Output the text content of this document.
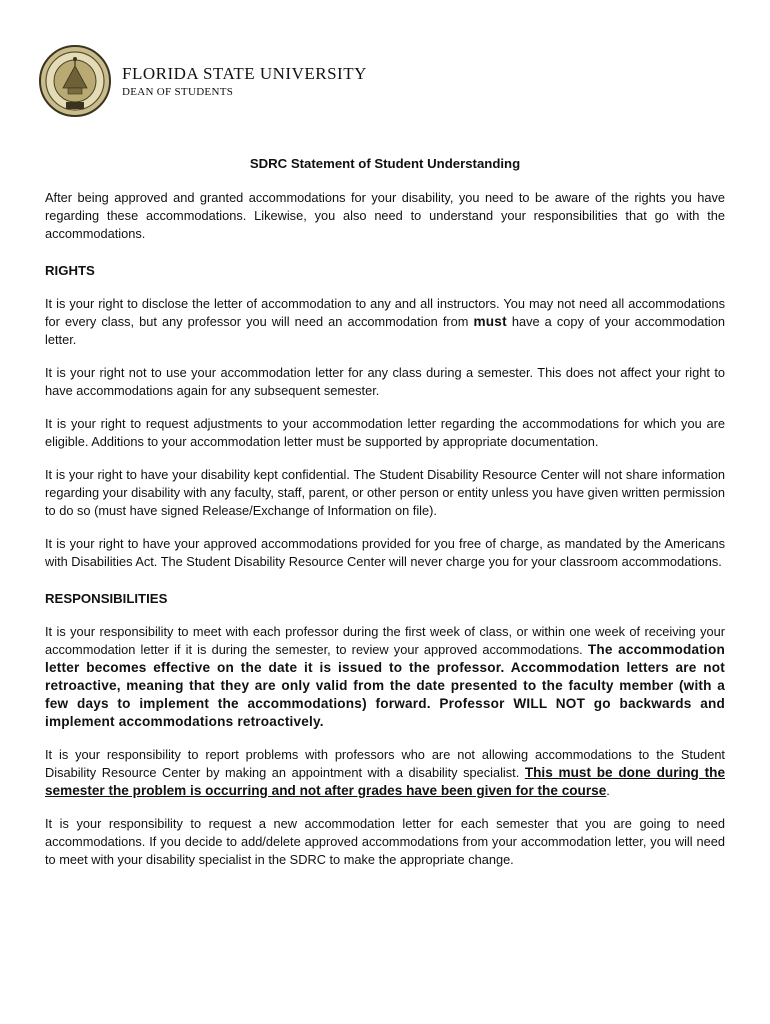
FLORIDA STATE UNIVERSITY
DEAN OF STUDENTS
SDRC Statement of Student Understanding

After being approved and granted accommodations for your disability, you need to be aware of the rights you have regarding these accommodations. Likewise, you also need to understand your responsibilities that go with the accommodations.

RIGHTS

It is your right to disclose the letter of accommodation to any and all instructors. You may not need all accommodations for every class, but any professor you will need an accommodation from must have a copy of your accommodation letter.

It is your right not to use your accommodation letter for any class during a semester. This does not affect your right to have accommodations again for any subsequent semester.

It is your right to request adjustments to your accommodation letter regarding the accommodations for which you are eligible. Additions to your accommodation letter must be supported by appropriate documentation.

It is your right to have your disability kept confidential. The Student Disability Resource Center will not share information regarding your disability with any faculty, staff, parent, or other person or entity unless you have given written permission to do so (must have signed Release/Exchange of Information on file).

It is your right to have your approved accommodations provided for you free of charge, as mandated by the Americans with Disabilities Act. The Student Disability Resource Center will never charge you for your classroom accommodations.

RESPONSIBILITIES

It is your responsibility to meet with each professor during the first week of class, or within one week of receiving your accommodation letter if it is during the semester, to review your approved accommodations. The accommodation letter becomes effective on the date it is issued to the professor. Accommodation letters are not retroactive, meaning that they are only valid from the date presented to the faculty member (with a few days to implement the accommodations) forward. Professor WILL NOT go backwards and implement accommodations retroactively.

It is your responsibility to report problems with professors who are not allowing accommodations to the Student Disability Resource Center by making an appointment with a disability specialist. This must be done during the semester the problem is occurring and not after grades have been given for the course.

It is your responsibility to request a new accommodation letter for each semester that you are going to need accommodations. If you decide to add/delete approved accommodations from your accommodation letter, you will need to meet with your disability specialist in the SDRC to make the appropriate change.
